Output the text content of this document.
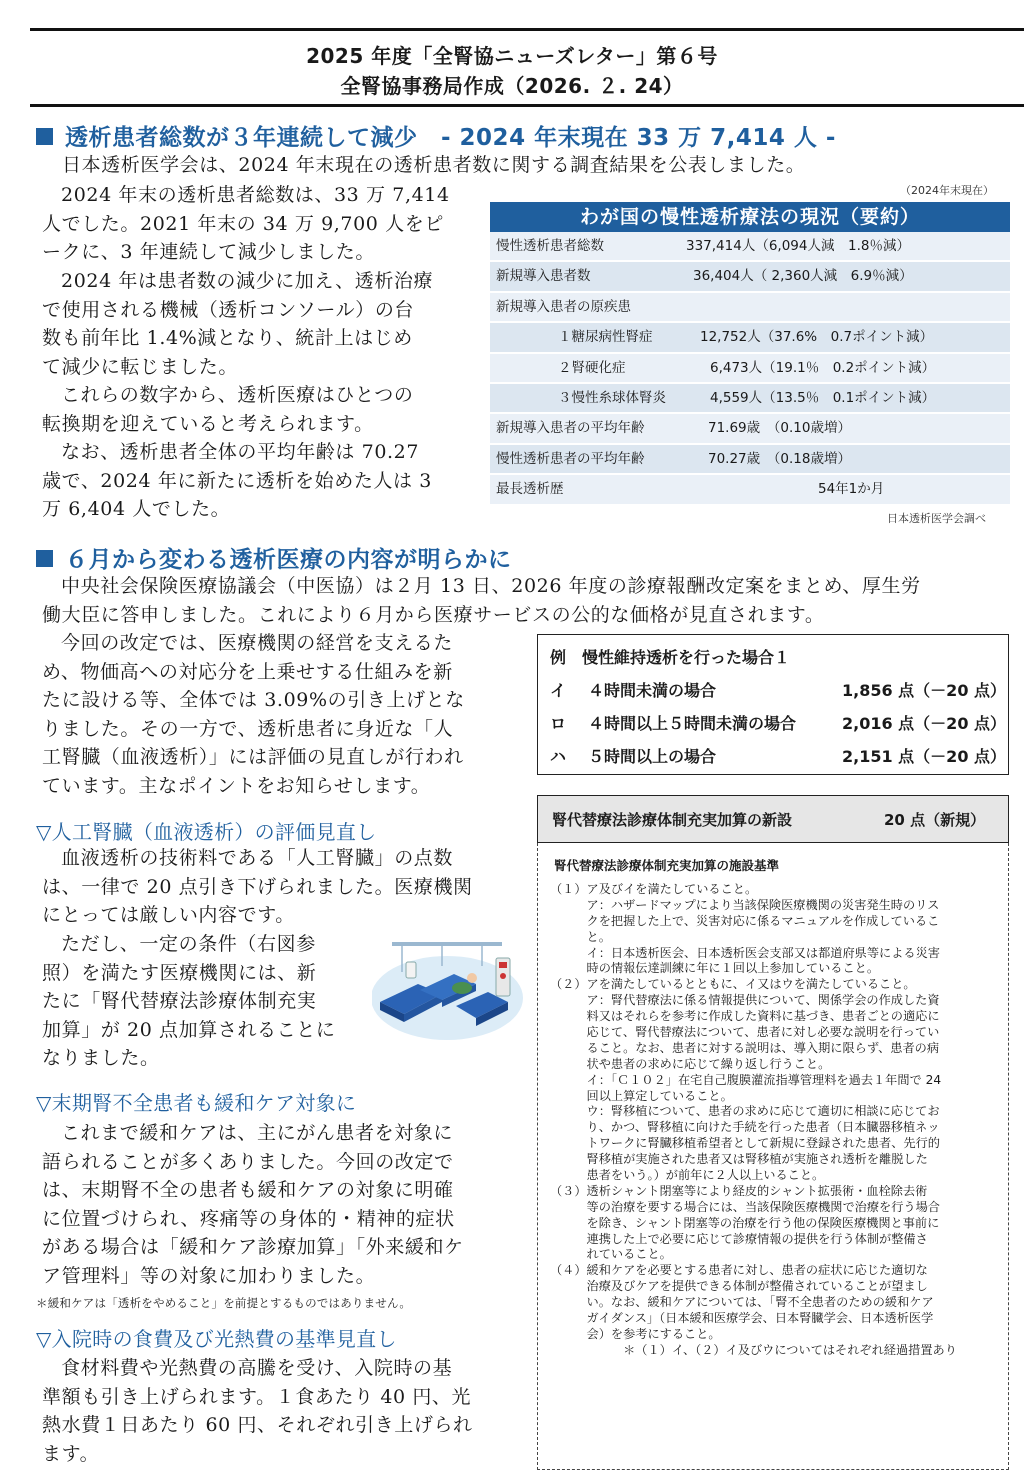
2025 年度「全腎協ニューズレター」第６号
全腎協事務局作成（2026. ２. 24）
透析患者総数が３年連続して減少　- 2024 年末現在 33 万 7,414 人 -
日本透析医学会は、2024 年末現在の透析患者数に関する調査結果を公表しました。

2024 年末の透析患者総数は、33 万 7,414
人でした。2021 年末の 34 万 9,700 人をピ
ークに、3 年連続して減少しました。

2024 年は患者数の減少に加え、透析治療
で使用される機械（透析コンソール）の台
数も前年比 1.4%減となり、統計上はじめ
て減少に転じました。
これらの数字から、透析医療はひとつの
転換期を迎えていると考えられます。
なお、透析患者全体の平均年齢は 70.27
歳で、2024 年に新たに透析を始めた人は 3
万 6,404 人でした。
（2024年末現在）
わが国の慢性透析療法の現況（要約）
慢性透析患者総数	337,414人（6,094人減　1.8％減）
新規導入患者数	36,404人（ 2,360人減　6.9％減）
新規導入患者の原疾患
１糖尿病性腎症	12,752人（37.6%　0.7ポイント減）
２腎硬化症	6,473人（19.1％　0.2ポイント減）
３慢性糸球体腎炎	4,559人（13.5％　0.1ポイント減）
新規導入患者の平均年齢	71.69歳　（0.10歳増）
慢性透析患者の平均年齢	70.27歳　（0.18歳増）
最長透析歴	54年1か月
日本透析医学会調べ
６月から変わる透析医療の内容が明らかに
中央社会保険医療協議会（中医協）は２月 13 日、2026 年度の診療報酬改定案をまとめ、厚生労
働大臣に答申しました。これにより６月から医療サービスの公的な価格が見直されます。
今回の改定では、医療機関の経営を支えるた
め、物価高への対応分を上乗せする仕組みを新
たに設ける等、全体では 3.09%の引き上げとな
りました。その一方で、透析患者に身近な「人
工腎臓（血液透析）」には評価の見直しが行われ
ています。主なポイントをお知らせします。
例　慢性維持透析を行った場合１
イ ４時間未満の場合	1,856 点（－20 点）
ロ ４時間以上５時間未満の場合	2,016 点（－20 点）
ハ ５時間以上の場合	2,151 点（－20 点）
▽人工腎臓（血液透析）の評価見直し
血液透析の技術料である「人工腎臓」の点数
は、一律で 20 点引き下げられました。医療機関
にとっては厳しい内容です。
ただし、一定の条件（右図参
照）を満たす医療機関には、新
たに「腎代替療法診療体制充実
加算」が 20 点加算されることに
なりました。
▽末期腎不全患者も緩和ケア対象に
これまで緩和ケアは、主にがん患者を対象に
語られることが多くありました。今回の改定で
は、末期腎不全の患者も緩和ケアの対象に明確
に位置づけられ、疼痛等の身体的・精神的症状
がある場合は「緩和ケア診療加算」「外来緩和ケ
ア管理料」等の対象に加わりました。
＊緩和ケアは「透析をやめること」を前提とするものではありません。
▽入院時の食費及び光熱費の基準見直し
食材料費や光熱費の高騰を受け、入院時の基
準額も引き上げられます。１食あたり 40 円、光
熱水費１日あたり 60 円、それぞれ引き上げられ
ます。
腎代替療法診療体制充実加算の新設	20 点（新規）
腎代替療法診療体制充実加算の施設基準
（１）ア及びイを満たしていること。
　　　ア：ハザードマップにより当該保険医療機関の災害発生時のリス
　　　クを把握した上で、災害対応に係るマニュアルを作成しているこ
　　　と。
　　　イ：日本透析医会、日本透析医会支部又は都道府県等による災害
　　　時の情報伝達訓練に年に１回以上参加していること。
（２）アを満たしているとともに、イ又はウを満たしていること。
　　　ア：腎代替療法に係る情報提供について、関係学会の作成した資
　　　料又はそれらを参考に作成した資料に基づき、患者ごとの適応に
　　　応じて、腎代替療法について、患者に対し必要な説明を行ってい
　　　ること。なお、患者に対する説明は、導入期に限らず、患者の病
　　　状や患者の求めに応じて繰り返し行うこと。
　　　イ：「Ｃ１０２」在宅自己腹膜灌流指導管理料を過去１年間で 24
　　　回以上算定していること。
　　　ウ：腎移植について、患者の求めに応じて適切に相談に応じてお
　　　り、かつ、腎移植に向けた手続を行った患者（日本臓器移植ネッ
　　　トワークに腎臓移植希望者として新規に登録された患者、先行的
　　　腎移植が実施された患者又は腎移植が実施され透析を離脱した
　　　患者をいう。）が前年に２人以上いること。
（３）透析シャント閉塞等により経皮的シャント拡張術・血栓除去術
　　　等の治療を要する場合には、当該保険医療機関で治療を行う場合
　　　を除き、シャント閉塞等の治療を行う他の保険医療機関と事前に
　　　連携した上で必要に応じて診療情報の提供を行う体制が整備さ
　　　れていること。
（４）緩和ケアを必要とする患者に対し、患者の症状に応じた適切な
　　　治療及びケアを提供できる体制が整備されていることが望まし
　　　い。なお、緩和ケアについては、「腎不全患者のための緩和ケア
　　　ガイダンス」（日本緩和医療学会、日本腎臓学会、日本透析医学
　　　会）を参考にすること。
　　　　　　＊（１）イ、（２）イ及びウについてはそれぞれ経過措置あり
